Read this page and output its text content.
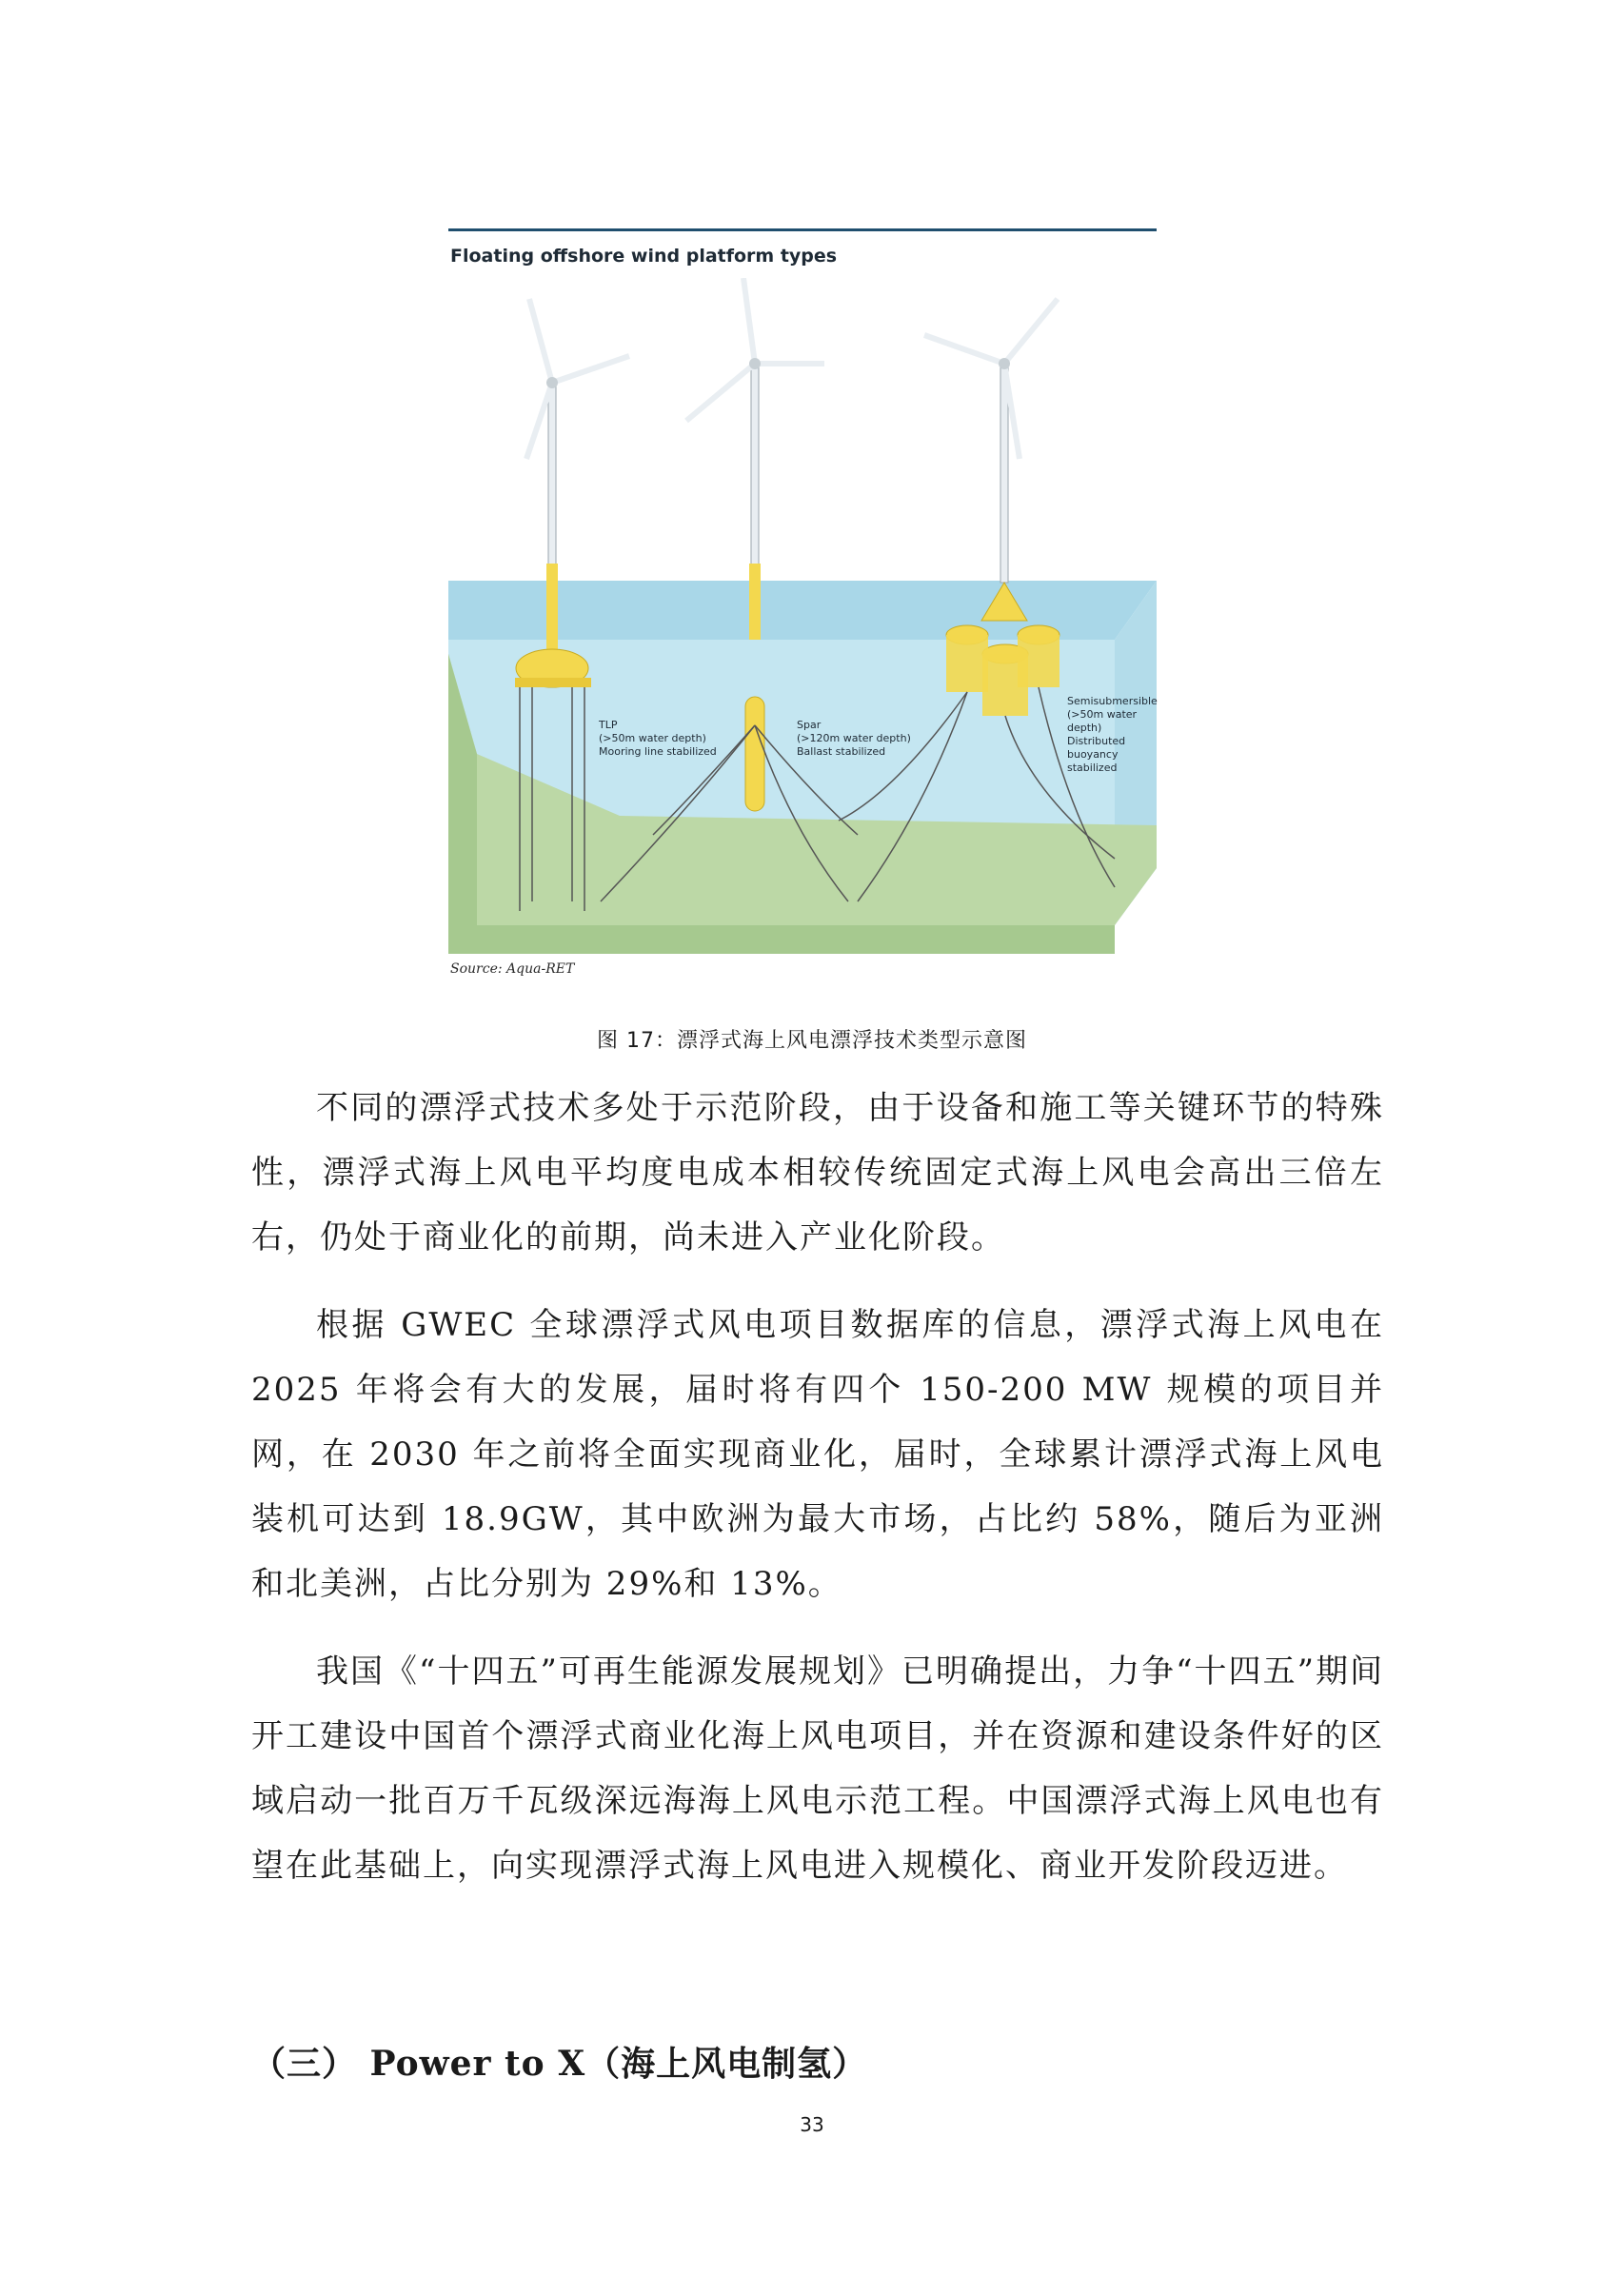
Floating offshore wind platform types
TLP
(>50m water depth)
Mooring line stabilized
Spar
(>120m water depth)
Ballast stabilized
Semisubmersible
(>50m water
depth)
Distributed
buoyancy
stabilized
Source: Aqua-RET
图 17：漂浮式海上风电漂浮技术类型示意图

不同的漂浮式技术多处于示范阶段，由于设备和施工等关键环节的特殊性，漂浮式海上风电平均度电成本相较传统固定式海上风电会高出三倍左右，仍处于商业化的前期，尚未进入产业化阶段。

根据 GWEC 全球漂浮式风电项目数据库的信息，漂浮式海上风电在 2025 年将会有大的发展，届时将有四个 150-200 MW 规模的项目并网，在 2030 年之前将全面实现商业化，届时，全球累计漂浮式海上风电装机可达到 18.9GW，其中欧洲为最大市场，占比约 58%，随后为亚洲和北美洲，占比分别为 29%和 13%。

我国《“十四五”可再生能源发展规划》已明确提出，力争“十四五”期间开工建设中国首个漂浮式商业化海上风电项目，并在资源和建设条件好的区域启动一批百万千瓦级深远海海上风电示范工程。中国漂浮式海上风电也有望在此基础上，向实现漂浮式海上风电进入规模化、商业开发阶段迈进。

（三） Power to X（海上风电制氢）
33
